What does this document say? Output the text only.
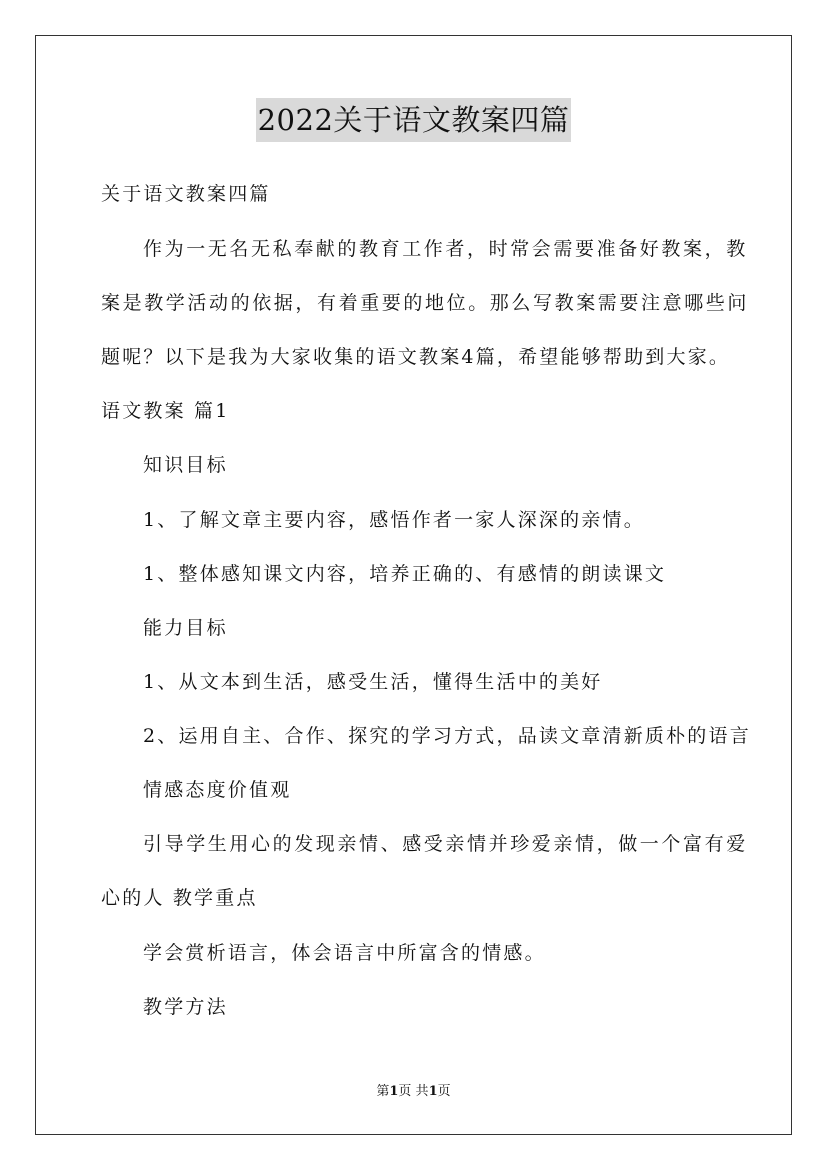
2022关于语文教案四篇
关于语文教案四篇
作为一无名无私奉献的教育工作者，时常会需要准备好教案，教
案是教学活动的依据，有着重要的地位。那么写教案需要注意哪些问
题呢？以下是我为大家收集的语文教案4篇，希望能够帮助到大家。
语文教案 篇1
知识目标
1、了解文章主要内容，感悟作者一家人深深的亲情。
1、整体感知课文内容，培养正确的、有感情的朗读课文
能力目标
1、从文本到生活，感受生活，懂得生活中的美好
2、运用自主、合作、探究的学习方式，品读文章清新质朴的语言
情感态度价值观
引导学生用心的发现亲情、感受亲情并珍爱亲情，做一个富有爱
心的人 教学重点
学会赏析语言，体会语言中所富含的情感。
教学方法
第1页 共1页
